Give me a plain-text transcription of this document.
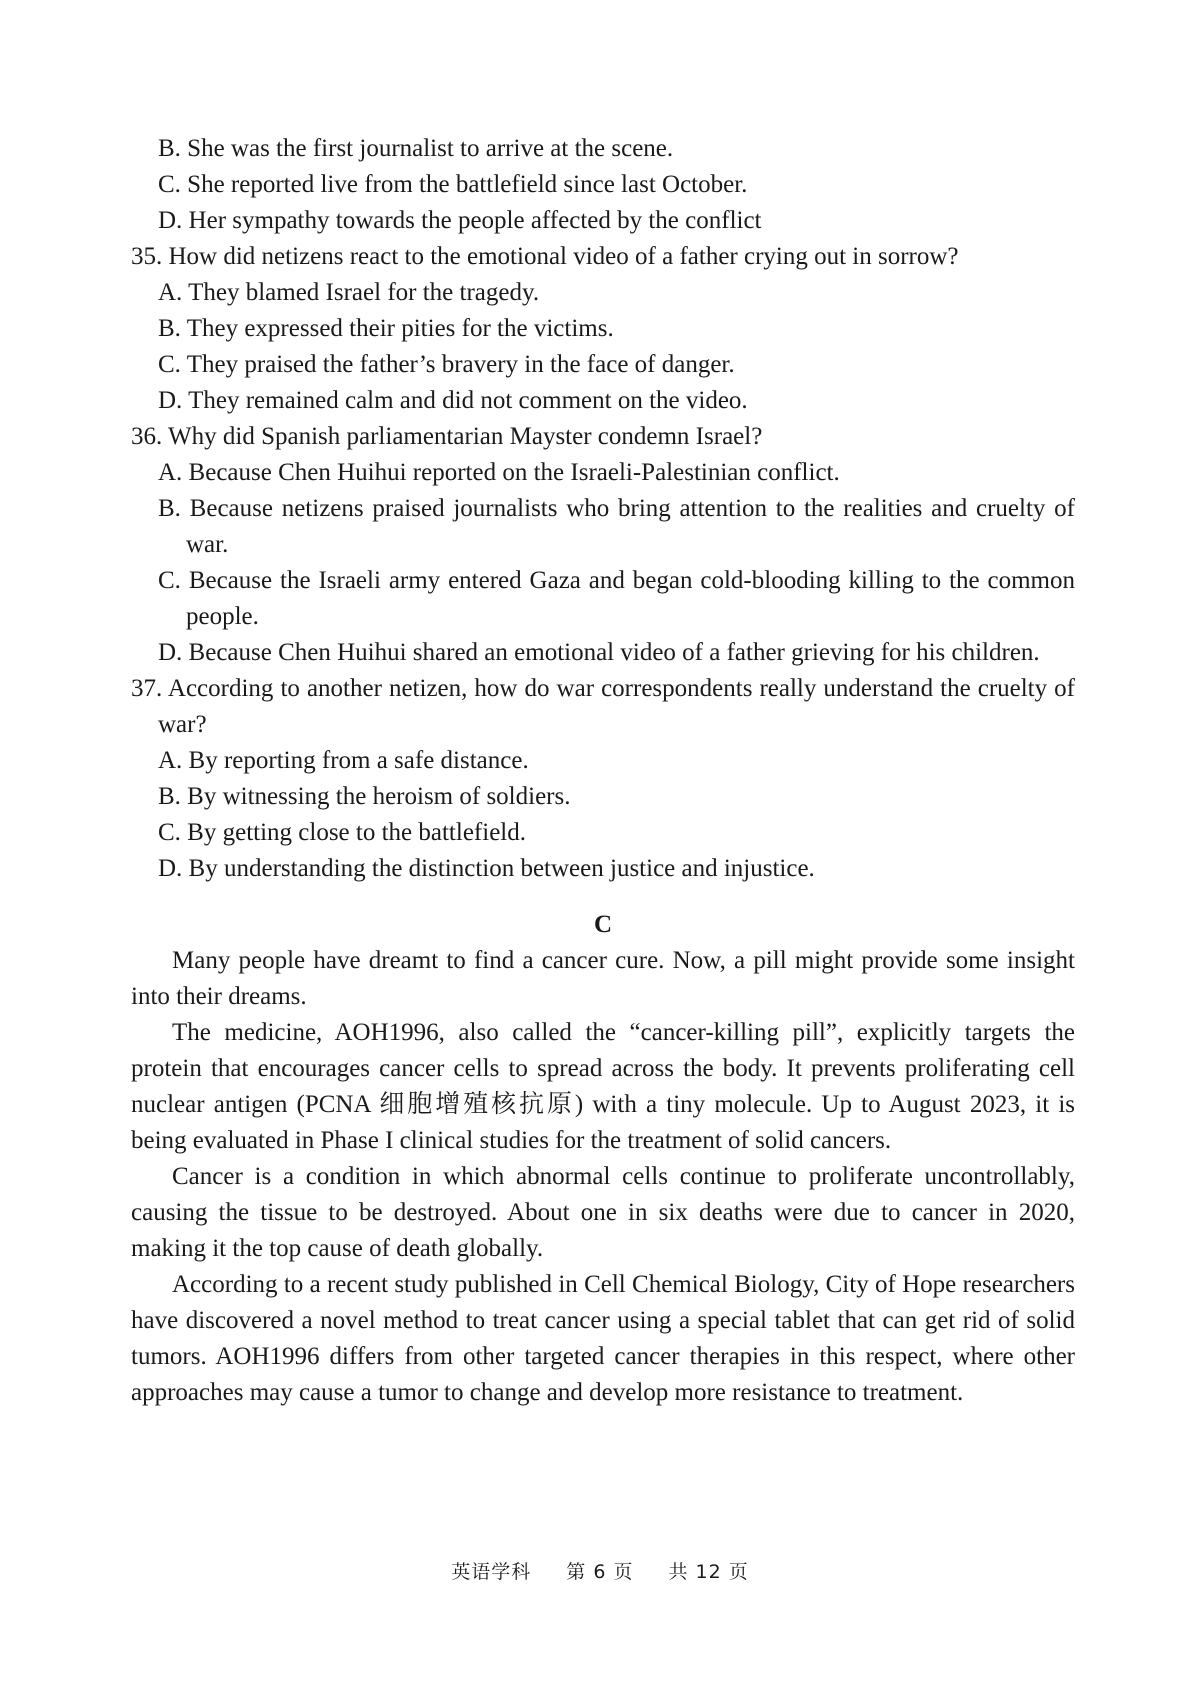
B. She was the first journalist to arrive at the scene.
C. She reported live from the battlefield since last October.
D. Her sympathy towards the people affected by the conflict
35. How did netizens react to the emotional video of a father crying out in sorrow?
A. They blamed Israel for the tragedy.
B. They expressed their pities for the victims.
C. They praised the father’s bravery in the face of danger.
D. They remained calm and did not comment on the video.
36. Why did Spanish parliamentarian Mayster condemn Israel?
A. Because Chen Huihui reported on the Israeli-Palestinian conflict.
B. Because netizens praised journalists who bring attention to the realities and cruelty of war.
C. Because the Israeli army entered Gaza and began cold-blooding killing to the common people.
D. Because Chen Huihui shared an emotional video of a father grieving for his children.
37. According to another netizen, how do war correspondents really understand the cruelty of war?
A. By reporting from a safe distance.
B. By witnessing the heroism of soldiers.
C. By getting close to the battlefield.
D. By understanding the distinction between justice and injustice.
C
Many people have dreamt to find a cancer cure. Now, a pill might provide some insight into their dreams.
The medicine, AOH1996, also called the “cancer-killing pill”, explicitly targets the protein that encourages cancer cells to spread across the body. It prevents proliferating cell nuclear antigen (PCNA 细胞增殖核抗原) with a tiny molecule. Up to August 2023, it is being evaluated in Phase I clinical studies for the treatment of solid cancers.
Cancer is a condition in which abnormal cells continue to proliferate uncontrollably, causing the tissue to be destroyed. About one in six deaths were due to cancer in 2020, making it the top cause of death globally.
According to a recent study published in Cell Chemical Biology, City of Hope researchers have discovered a novel method to treat cancer using a special tablet that can get rid of solid tumors. AOH1996 differs from other targeted cancer therapies in this respect, where other approaches may cause a tumor to change and develop more resistance to treatment.
英语学科 第 6 页 共 12 页
